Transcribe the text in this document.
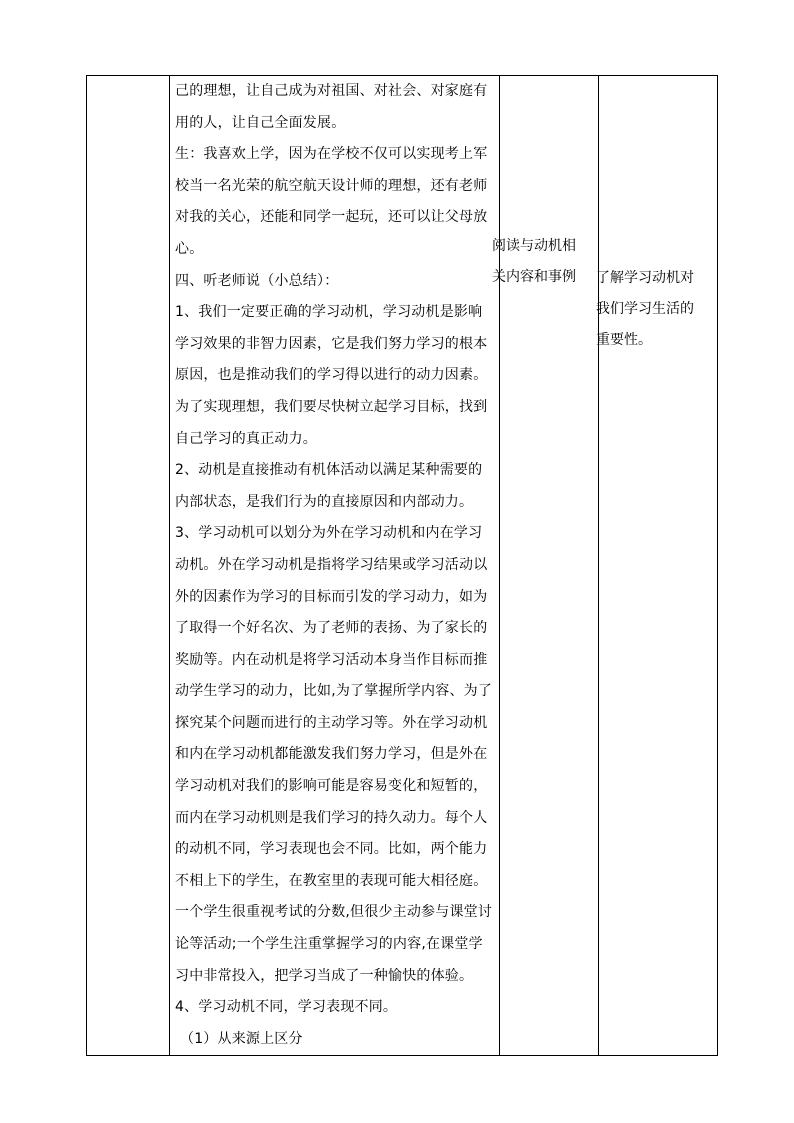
己的理想，让自己成为对祖国、对社会、对家庭有用的人，让自己全面发展。

生：我喜欢上学，因为在学校不仅可以实现考上军校当一名光荣的航空航天设计师的理想，还有老师对我的关心，还能和同学一起玩，还可以让父母放心。

四、听老师说（小总结）：

1、我们一定要正确的学习动机，学习动机是影响学习效果的非智力因素，它是我们努力学习的根本原因，也是推动我们的学习得以进行的动力因素。为了实现理想，我们要尽快树立起学习目标，找到自己学习的真正动力。

2、动机是直接推动有机体活动以满足某种需要的内部状态，是我们行为的直接原因和内部动力。

3、学习动机可以划分为外在学习动机和内在学习动机。外在学习动机是指将学习结果或学习活动以外的因素作为学习的目标而引发的学习动力，如为了取得一个好名次、为了老师的表扬、为了家长的奖励等。内在动机是将学习活动本身当作目标而推动学生学习的动力，比如,为了掌握所学内容、为了探究某个问题而进行的主动学习等。外在学习动机和内在学习动机都能激发我们努力学习，但是外在学习动机对我们的影响可能是容易变化和短暂的，而内在学习动机则是我们学习的持久动力。每个人的动机不同，学习表现也会不同。比如，两个能力不相上下的学生，在教室里的表现可能大相径庭。一个学生很重视考试的分数,但很少主动参与课堂讨论等活动;一个学生注重掌握学习的内容,在课堂学习中非常投入，把学习当成了一种愉快的体验。

4、学习动机不同，学习表现不同。

（1）从来源上区分

阅读与动机相关内容和事例	了解学习动机对我们学习生活的重要性。
